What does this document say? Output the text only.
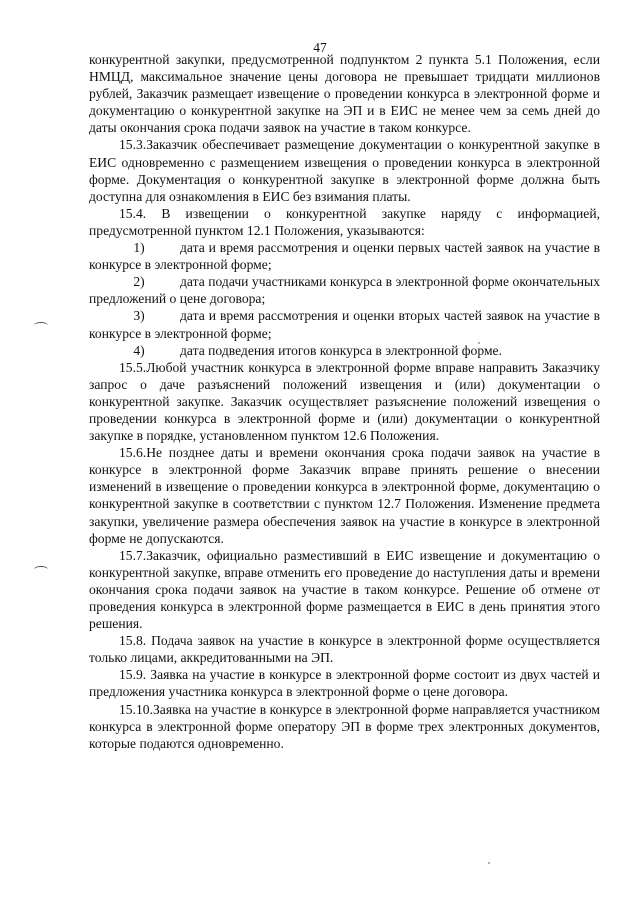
47

конкурентной закупки, предусмотренной подпунктом 2 пункта 5.1 Положения, если НМЦД, максимальное значение цены договора не превышает тридцати миллионов рублей, Заказчик размещает извещение о проведении конкурса в электронной форме и документацию о конкурентной закупке на ЭП и в ЕИС не менее чем за семь дней до даты окончания срока подачи заявок на участие в таком конкурсе.

15.3.Заказчик обеспечивает размещение документации о конкурентной закупке в ЕИС одновременно с размещением извещения о проведении конкурса в электронной форме. Документация о конкурентной закупке в электронной форме должна быть доступна для ознакомления в ЕИС без взимания платы.

15.4. В извещении о конкурентной закупке наряду с информацией, предусмотренной пунктом 12.1 Положения, указываются:

1)	дата и время рассмотрения и оценки первых частей заявок на участие в конкурсе в электронной форме;
2)	дата подачи участниками конкурса в электронной форме окончательных предложений о цене договора;
3)	дата и время рассмотрения и оценки вторых частей заявок на участие в конкурсе в электронной форме;
4)	дата подведения итогов конкурса в электронной форме.

15.5.Любой участник конкурса в электронной форме вправе направить Заказчику запрос о даче разъяснений положений извещения и (или) документации о конкурентной закупке. Заказчик осуществляет разъяснение положений извещения о проведении конкурса в электронной форме и (или) документации о конкурентной закупке в порядке, установленном пунктом 12.6 Положения.

15.6.Не позднее даты и времени окончания срока подачи заявок на участие в конкурсе в электронной форме Заказчик вправе принять решение о внесении изменений в извещение о проведении конкурса в электронной форме, документацию о конкурентной закупке в соответствии с пунктом 12.7 Положения. Изменение предмета закупки, увеличение размера обеспечения заявок на участие в конкурсе в электронной форме не допускаются.

15.7.Заказчик, официально разместивший в ЕИС извещение и документацию о конкурентной закупке, вправе отменить его проведение до наступления даты и времени окончания срока подачи заявок на участие в таком конкурсе. Решение об отмене от проведения конкурса в электронной форме размещается в ЕИС в день принятия этого решения.

15.8. Подача заявок на участие в конкурсе в электронной форме осуществляется только лицами, аккредитованными на ЭП.

15.9. Заявка на участие в конкурсе в электронной форме состоит из двух частей и предложения участника конкурса в электронной форме о цене договора.

15.10.Заявка на участие в конкурсе в электронной форме направляется участником конкурса в электронной форме оператору ЭП в форме трех электронных документов, которые подаются одновременно.
